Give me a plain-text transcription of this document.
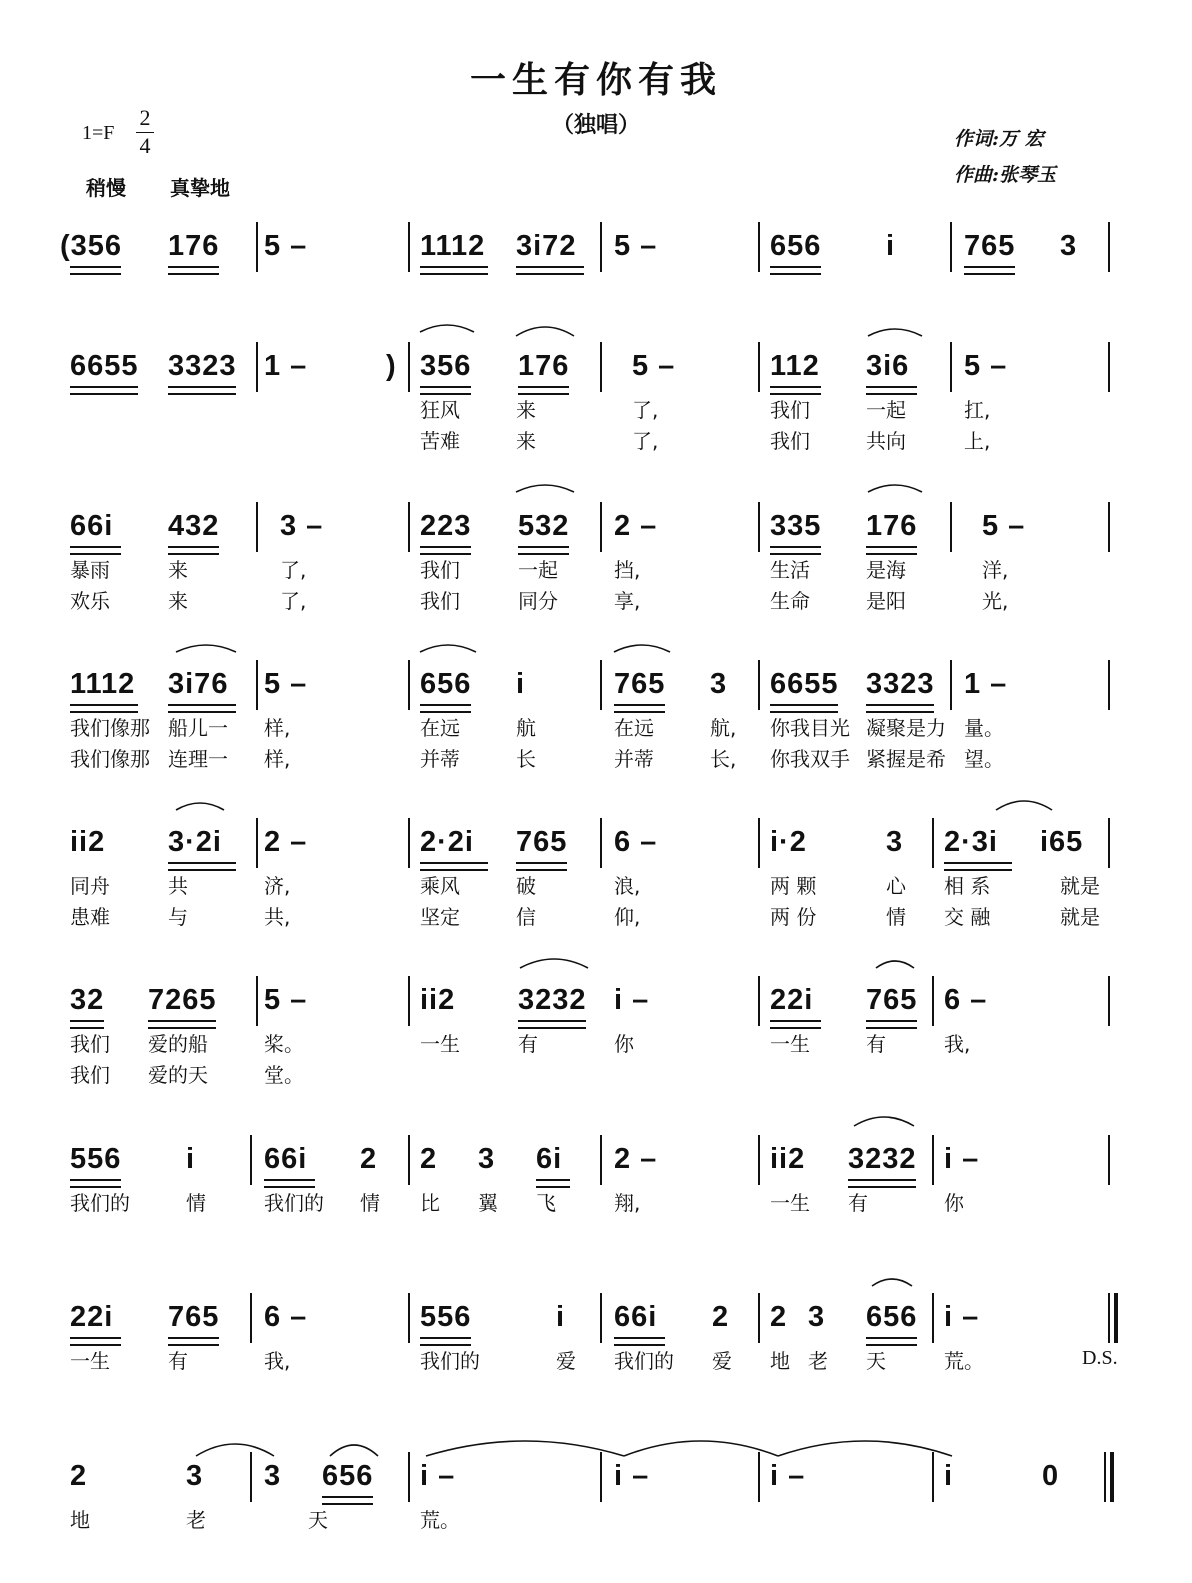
一生有你有我
（独唱）
1=F
2
4
稍慢 真挚地
作词:万 宏
作曲:张琴玉
(356 176 5 –	1112 3i72 5 –	656 i 765 3
6655 3323 1 –	) 356 176 5 –	112 3i6 5 –
狂风	来	了,	我们	一起	扛,
苦难	来	了,	我们	共向	上,
66i 432 3 –	223 532 2 –	335 176 5 –
暴雨	来	了,	我们	一起	挡,	生活	是海	洋,
欢乐	来	了,	我们	同分	享,	生命	是阳	光,
1112 3i76 5 –	656 i	765 3 6655 3323 1 –
我们像那 船儿一 样,	在远	航	在远	航, 你我目光 凝聚是力 量。
我们像那 连理一 样,	并蒂	长	并蒂	长, 你我双手 紧握是希 望。
ii2 3·2i 2 –	2·2i 765 6 –	i·2	3 2·3i i65
同舟	共	济,	乘风	破	浪,	两 颗	心 相 系	就是
患难	与	共,	坚定	信	仰,	两 份	情 交 融	就是
32 7265 5 –	ii2 3232 i –	22i 765 6 –
我们 爱的船	桨。	一生	有	你	一生	有	我,
我们 爱的天	堂。
556 i 66i 2 2 3 6i 2 –	ii2 3232 i –
我们的	情	我们的 情 比 翼 飞	翔,	一生 有	你
22i 765 6 –	556	i 66i 2 2 3 656 i –
一生	有	我,	我们的	爱 我们的 爱 地 老 天	荒。	D.S.
2	3 3 656 i –	i –	i –	i	0
地	老	天	荒。
